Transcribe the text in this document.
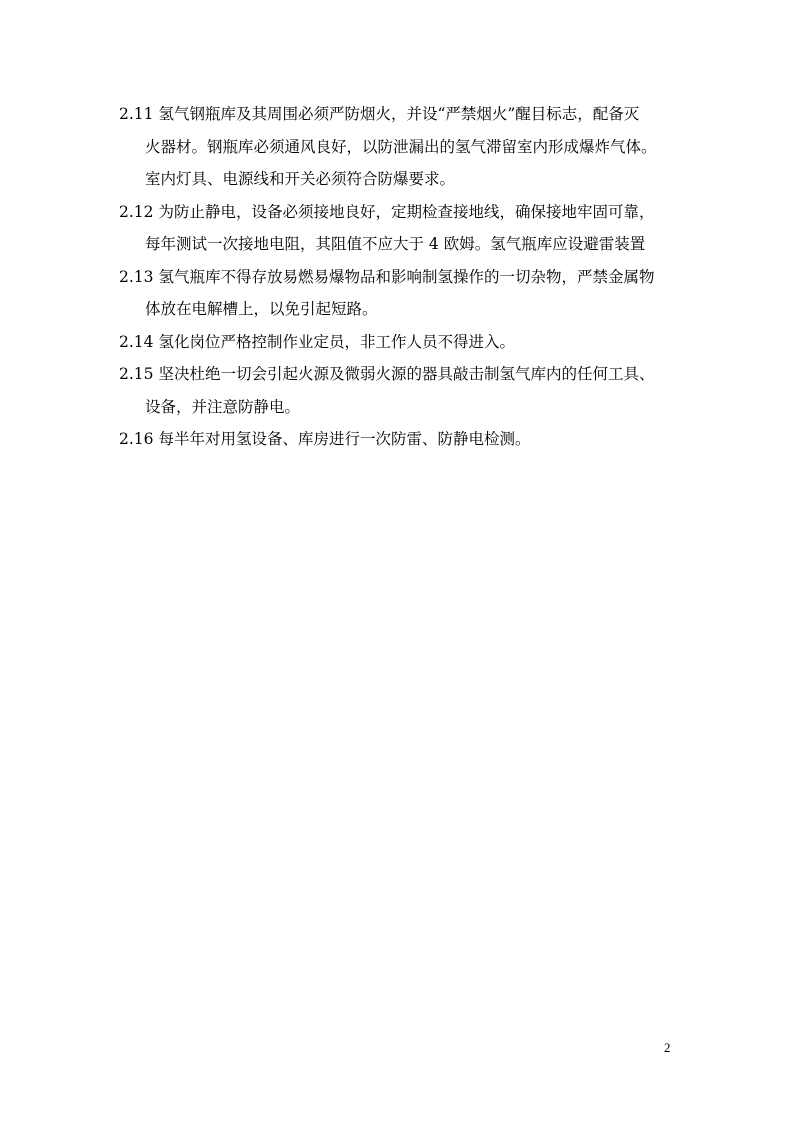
2.11 氢气钢瓶库及其周围必须严防烟火，并设“严禁烟火”醒目标志，配备灭
火器材。钢瓶库必须通风良好，以防泄漏出的氢气滞留室内形成爆炸气体。
室内灯具、电源线和开关必须符合防爆要求。
2.12 为防止静电，设备必须接地良好，定期检查接地线，确保接地牢固可靠，
每年测试一次接地电阻，其阻值不应大于 4 欧姆。氢气瓶库应设避雷装置
2.13 氢气瓶库不得存放易燃易爆物品和影响制氢操作的一切杂物，严禁金属物
体放在电解槽上，以免引起短路。
2.14 氢化岗位严格控制作业定员，非工作人员不得进入。
2.15 坚决杜绝一切会引起火源及微弱火源的器具敲击制氢气库内的任何工具、
设备，并注意防静电。
2.16 每半年对用氢设备、库房进行一次防雷、防静电检测。
2
